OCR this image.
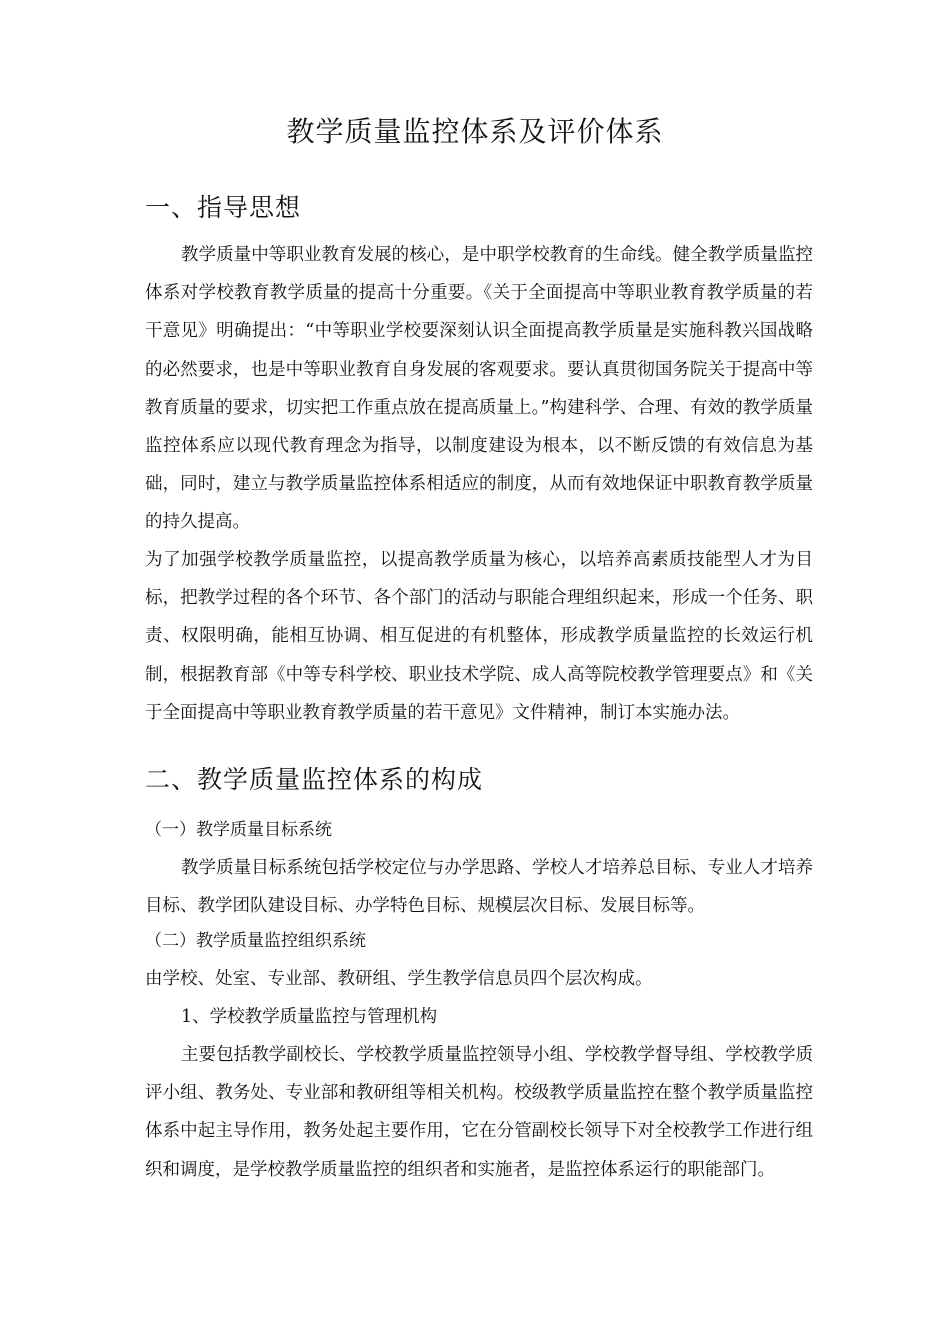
教学质量监控体系及评价体系
一、指导思想
教学质量中等职业教育发展的核心，是中职学校教育的生命线。健全教学质量监控体系对学校教育教学质量的提高十分重要。《关于全面提高中等职业教育教学质量的若干意见》明确提出：“中等职业学校要深刻认识全面提高教学质量是实施科教兴国战略的必然要求，也是中等职业教育自身发展的客观要求。要认真贯彻国务院关于提高中等教育质量的要求，切实把工作重点放在提高质量上。”构建科学、合理、有效的教学质量监控体系应以现代教育理念为指导，以制度建设为根本，以不断反馈的有效信息为基础，同时，建立与教学质量监控体系相适应的制度，从而有效地保证中职教育教学质量的持久提高。
为了加强学校教学质量监控，以提高教学质量为核心，以培养高素质技能型人才为目标，把教学过程的各个环节、各个部门的活动与职能合理组织起来，形成一个任务、职责、权限明确，能相互协调、相互促进的有机整体，形成教学质量监控的长效运行机制，根据教育部《中等专科学校、职业技术学院、成人高等院校教学管理要点》和《关于全面提高中等职业教育教学质量的若干意见》文件精神，制订本实施办法。
二、教学质量监控体系的构成
（一）教学质量目标系统
教学质量目标系统包括学校定位与办学思路、学校人才培养总目标、专业人才培养目标、教学团队建设目标、办学特色目标、规模层次目标、发展目标等。
（二）教学质量监控组织系统
由学校、处室、专业部、教研组、学生教学信息员四个层次构成。
1、学校教学质量监控与管理机构
主要包括教学副校长、学校教学质量监控领导小组、学校教学督导组、学校教学质评小组、教务处、专业部和教研组等相关机构。校级教学质量监控在整个教学质量监控体系中起主导作用，教务处起主要作用，它在分管副校长领导下对全校教学工作进行组织和调度，是学校教学质量监控的组织者和实施者，是监控体系运行的职能部门。
